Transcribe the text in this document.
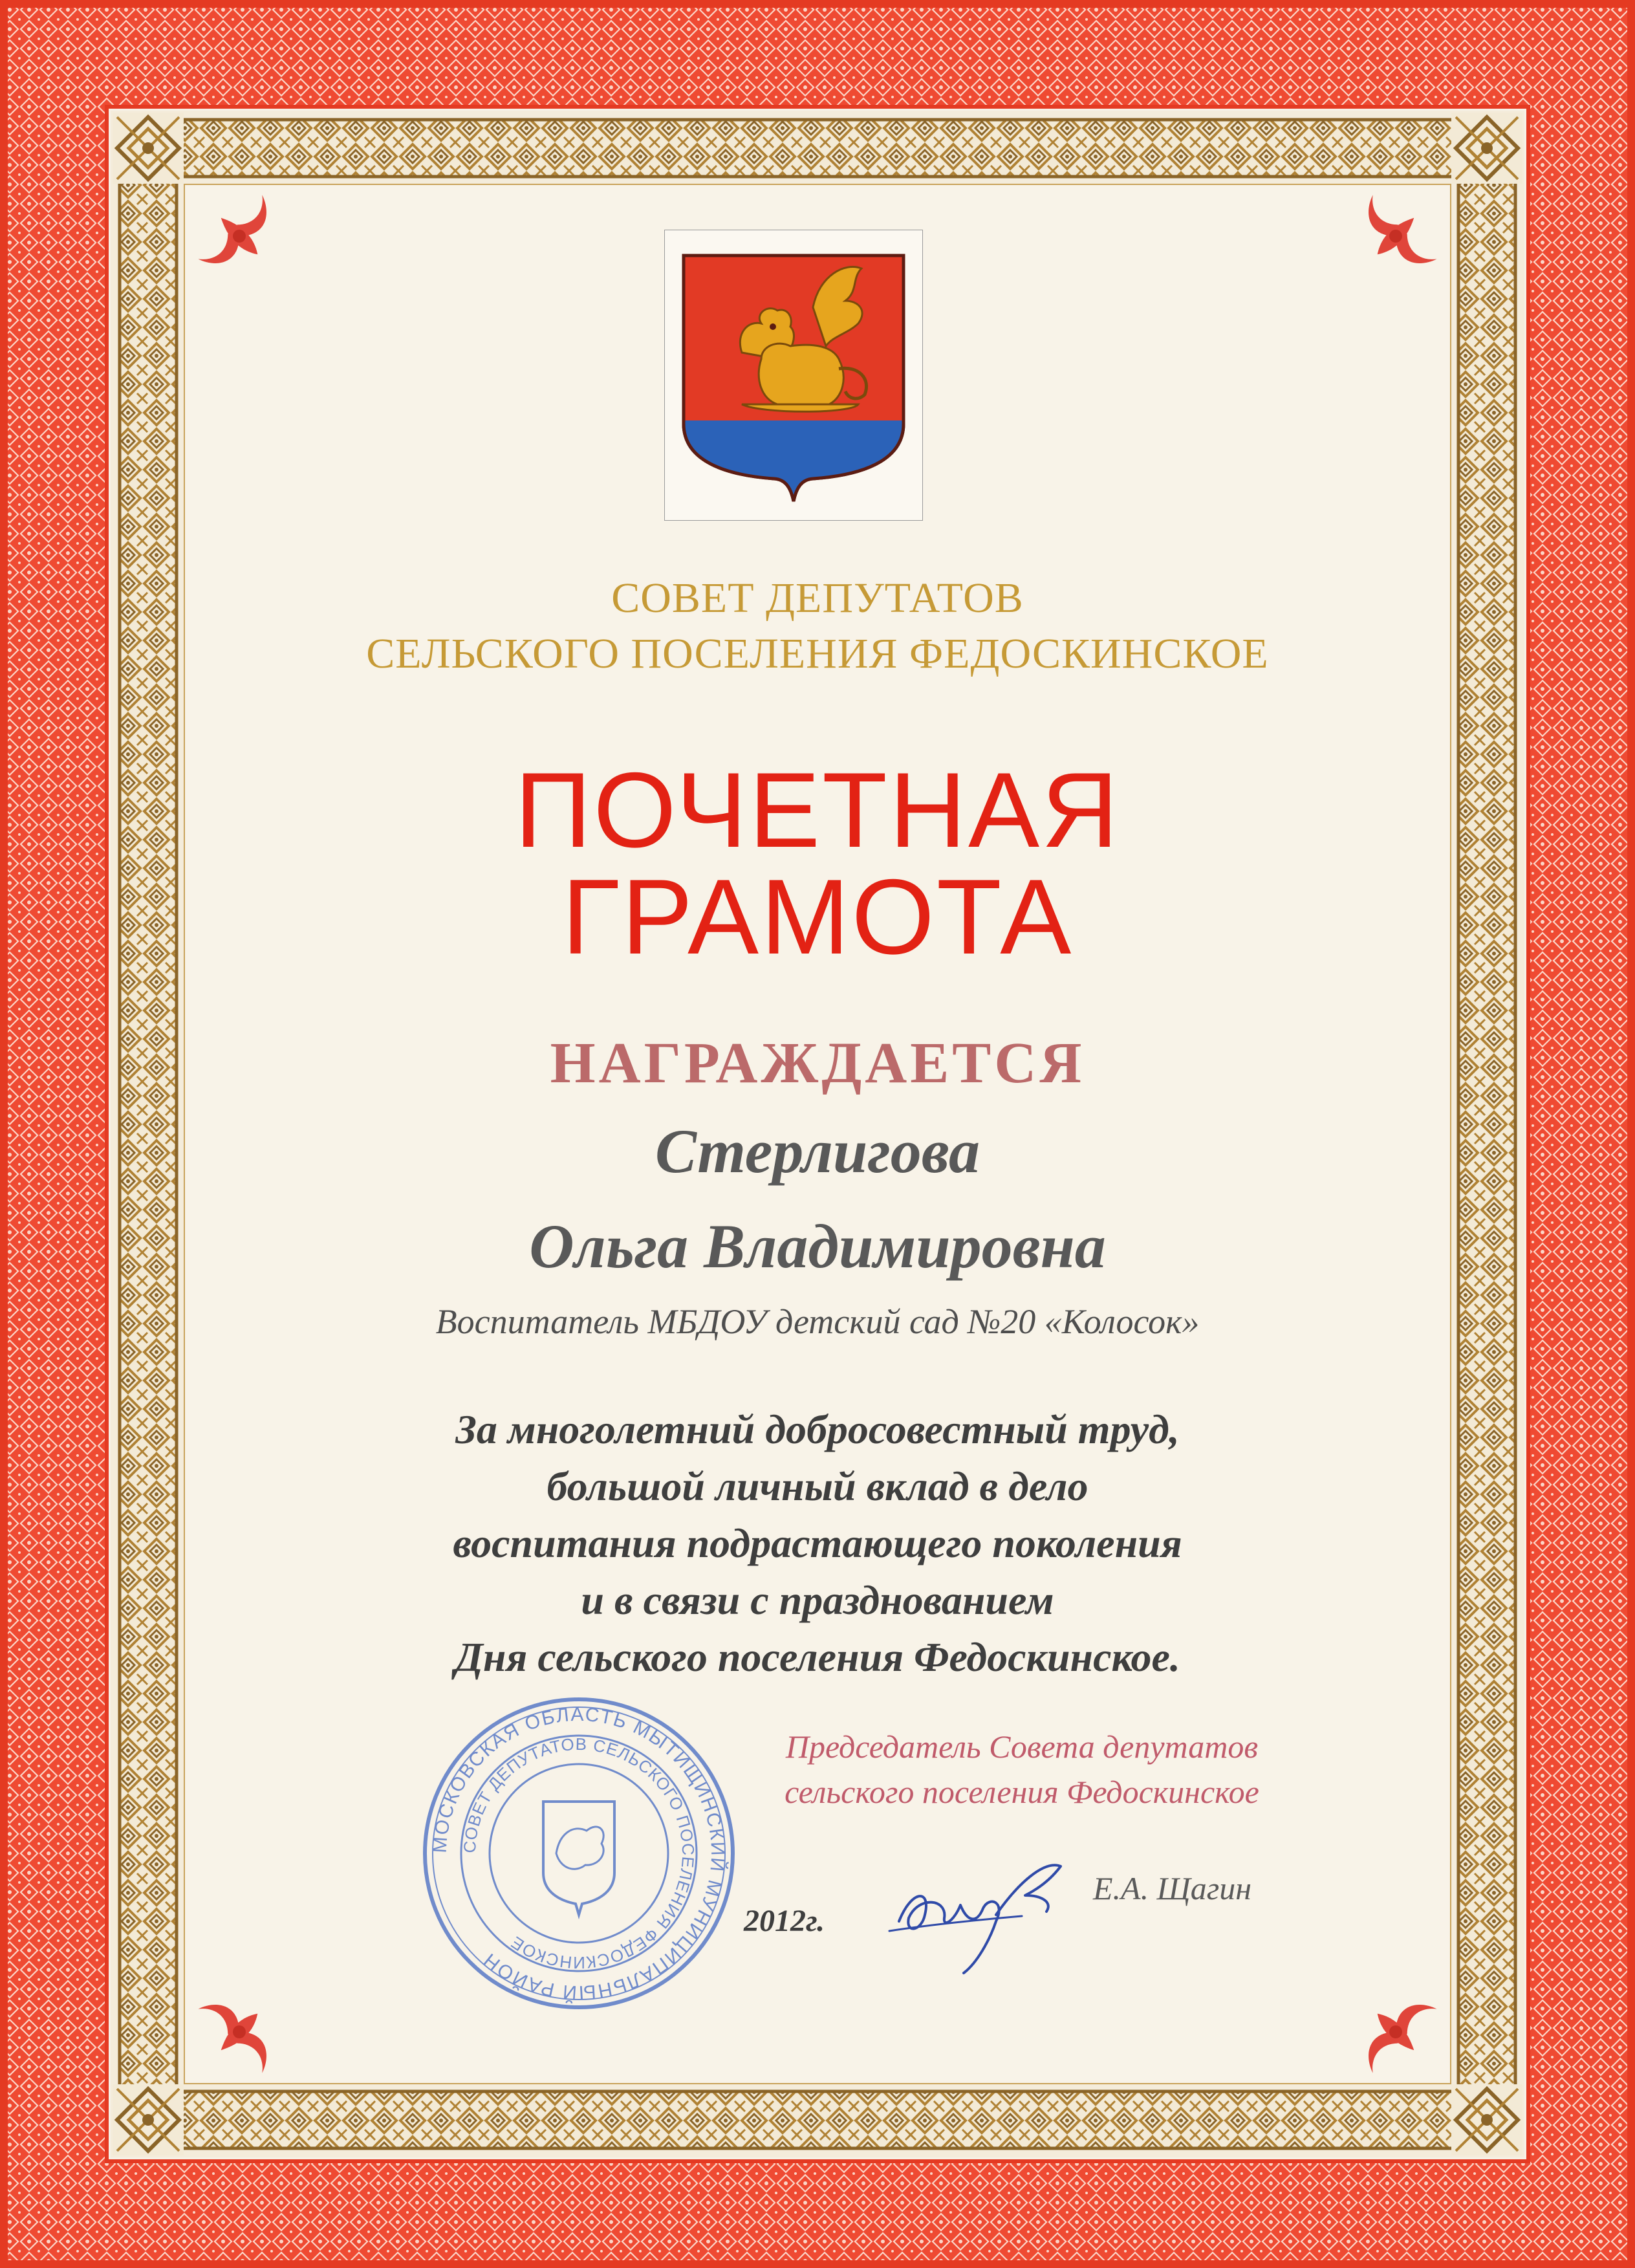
СОВЕТ ДЕПУТАТОВ
СЕЛЬСКОГО ПОСЕЛЕНИЯ ФЕДОСКИНСКОЕ
ПОЧЕТНАЯ
ГРАМОТА
НАГРАЖДАЕТСЯ
Стерлигова
Ольга Владимировна
Воспитатель МБДОУ детский сад №20 «Колосок»
За многолетний добросовестный труд,
большой личный вклад в дело
воспитания подрастающего поколения
и в связи с празднованием
Дня сельского поселения Федоскинское.
МОСКОВСКАЯ ОБЛАСТЬ МЫТИЩИНСКИЙ МУНИЦИПАЛЬНЫЙ РАЙОН
СОВЕТ ДЕПУТАТОВ СЕЛЬСКОГО ПОСЕЛЕНИЯ ФЕДОСКИНСКОЕ
Председатель Совета депутатов
сельского поселения Федоскинское
Е.А. Щагин
2012г.
